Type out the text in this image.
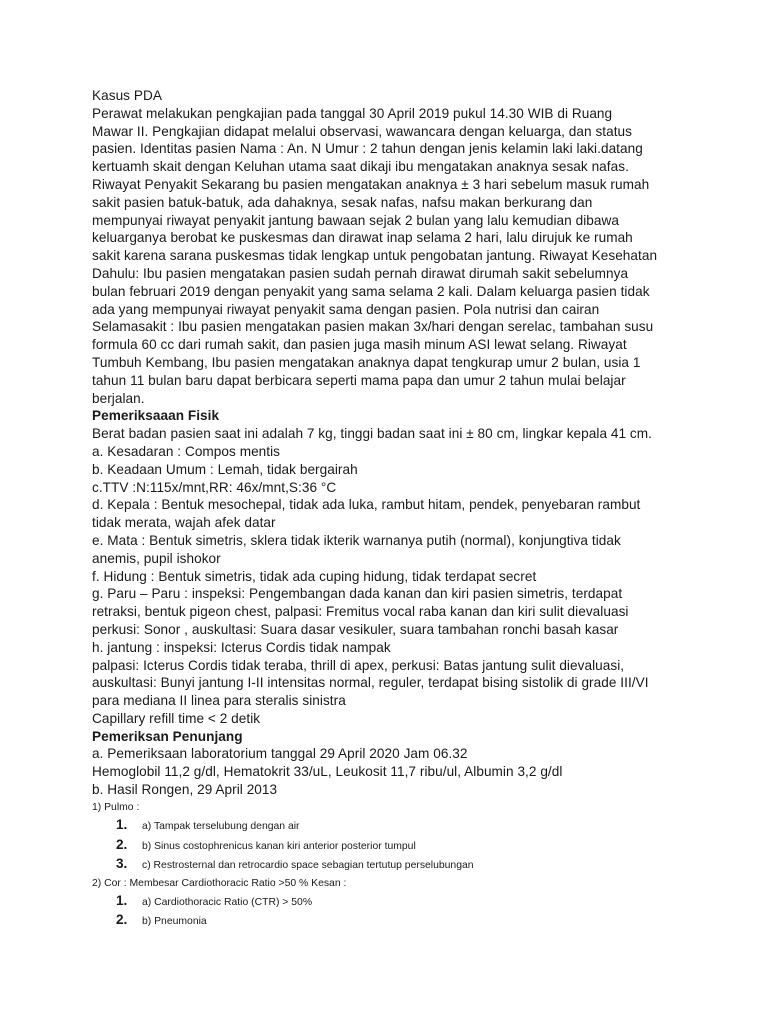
Kasus PDA
Perawat melakukan pengkajian pada tanggal 30 April 2019 pukul 14.30 WIB di Ruang
Mawar II. Pengkajian didapat melalui observasi, wawancara dengan keluarga, dan status
pasien. Identitas pasien Nama : An. N Umur : 2 tahun dengan jenis kelamin laki laki.datang
kertuamh skait dengan Keluhan utama saat dikaji ibu mengatakan anaknya sesak nafas.
Riwayat Penyakit Sekarang bu pasien mengatakan anaknya ± 3 hari sebelum masuk rumah
sakit pasien batuk-batuk, ada dahaknya, sesak nafas, nafsu makan berkurang dan
mempunyai riwayat penyakit jantung bawaan sejak 2 bulan yang lalu kemudian dibawa
keluarganya berobat ke puskesmas dan dirawat inap selama 2 hari, lalu dirujuk ke rumah
sakit karena sarana puskesmas tidak lengkap untuk pengobatan jantung. Riwayat Kesehatan
Dahulu: Ibu pasien mengatakan pasien sudah pernah dirawat dirumah sakit sebelumnya
bulan februari 2019 dengan penyakit yang sama selama 2 kali. Dalam keluarga pasien tidak
ada yang mempunyai riwayat penyakit sama dengan pasien. Pola nutrisi dan cairan
Selamasakit : Ibu pasien mengatakan pasien makan 3x/hari dengan serelac, tambahan susu
formula 60 cc dari rumah sakit, dan pasien juga masih minum ASI lewat selang. Riwayat
Tumbuh Kembang, Ibu pasien mengatakan anaknya dapat tengkurap umur 2 bulan, usia 1
tahun 11 bulan baru dapat berbicara seperti mama papa dan umur 2 tahun mulai belajar
berjalan.
Pemeriksaaan Fisik
Berat badan pasien saat ini adalah 7 kg, tinggi badan saat ini ± 80 cm, lingkar kepala 41 cm.
a. Kesadaran : Compos mentis
b. Keadaan Umum : Lemah, tidak bergairah
c.TTV :N:115x/mnt,RR: 46x/mnt,S:36 °C
d. Kepala : Bentuk mesochepal, tidak ada luka, rambut hitam, pendek, penyebaran rambut
tidak merata, wajah afek datar
e. Mata : Bentuk simetris, sklera tidak ikterik warnanya putih (normal), konjungtiva tidak
anemis, pupil ishokor
f. Hidung : Bentuk simetris, tidak ada cuping hidung, tidak terdapat secret
g. Paru – Paru : inspeksi: Pengembangan dada kanan dan kiri pasien simetris, terdapat
retraksi, bentuk pigeon chest, palpasi: Fremitus vocal raba kanan dan kiri sulit dievaluasi
perkusi: Sonor , auskultasi: Suara dasar vesikuler, suara tambahan ronchi basah kasar
h. jantung : inspeksi: Icterus Cordis tidak nampak
palpasi: Icterus Cordis tidak teraba, thrill di apex, perkusi: Batas jantung sulit dievaluasi,
auskultasi: Bunyi jantung I-II intensitas normal, reguler, terdapat bising sistolik di grade III/VI
para mediana II linea para steralis sinistra
Capillary refill time < 2 detik
Pemeriksan Penunjang
a. Pemeriksaan laboratorium tanggal 29 April 2020 Jam 06.32
Hemoglobil 11,2 g/dl, Hematokrit 33/uL, Leukosit 11,7 ribu/ul, Albumin 3,2 g/dl
b. Hasil Rongen, 29 April 2013
1) Pulmo :
1.	a) Tampak terselubung dengan air
2.	b) Sinus costophrenicus kanan kiri anterior posterior tumpul
3.	c) Restrosternal dan retrocardio space sebagian tertutup perselubungan
2) Cor : Membesar Cardiothoracic Ratio >50 % Kesan :
1.	a) Cardiothoracic Ratio (CTR) > 50%
2.	b) Pneumonia
